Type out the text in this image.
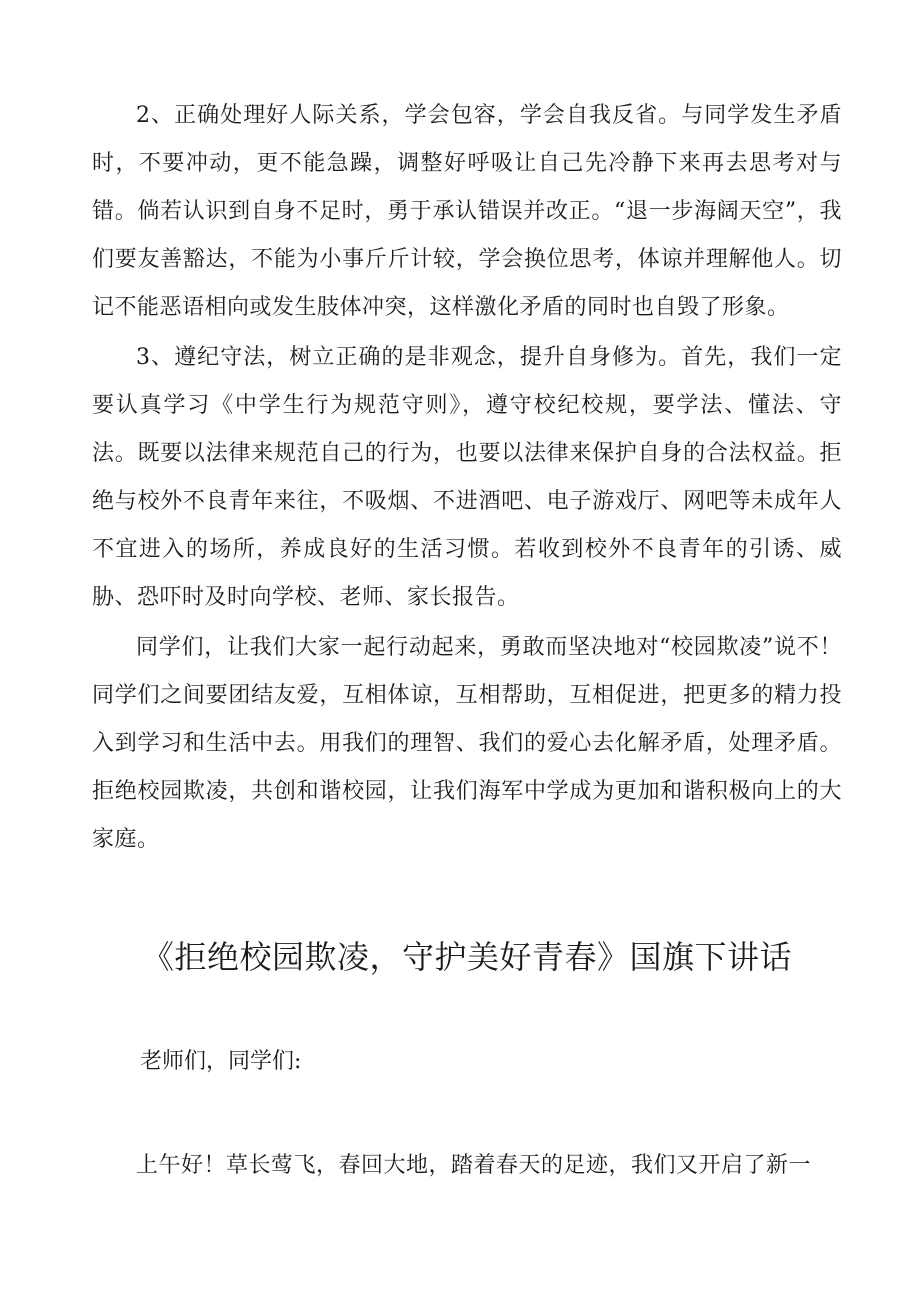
2、正确处理好人际关系，学会包容，学会自我反省。与同学发生矛盾时，不要冲动，更不能急躁，调整好呼吸让自己先冷静下来再去思考对与错。倘若认识到自身不足时，勇于承认错误并改正。“退一步海阔天空”，我们要友善豁达，不能为小事斤斤计较，学会换位思考，体谅并理解他人。切记不能恶语相向或发生肢体冲突，这样激化矛盾的同时也自毁了形象。

3、遵纪守法，树立正确的是非观念，提升自身修为。首先，我们一定要认真学习《中学生行为规范守则》，遵守校纪校规，要学法、懂法、守法。既要以法律来规范自己的行为，也要以法律来保护自身的合法权益。拒绝与校外不良青年来往，不吸烟、不进酒吧、电子游戏厅、网吧等未成年人不宜进入的场所，养成良好的生活习惯。若收到校外不良青年的引诱、威胁、恐吓时及时向学校、老师、家长报告。

同学们，让我们大家一起行动起来，勇敢而坚决地对“校园欺凌”说不！同学们之间要团结友爱，互相体谅，互相帮助，互相促进，把更多的精力投入到学习和生活中去。用我们的理智、我们的爱心去化解矛盾，处理矛盾。拒绝校园欺凌，共创和谐校园，让我们海军中学成为更加和谐积极向上的大家庭。

《拒绝校园欺凌，守护美好青春》国旗下讲话

老师们，同学们:

上午好！草长莺飞，春回大地，踏着春天的足迹，我们又开启了新一
